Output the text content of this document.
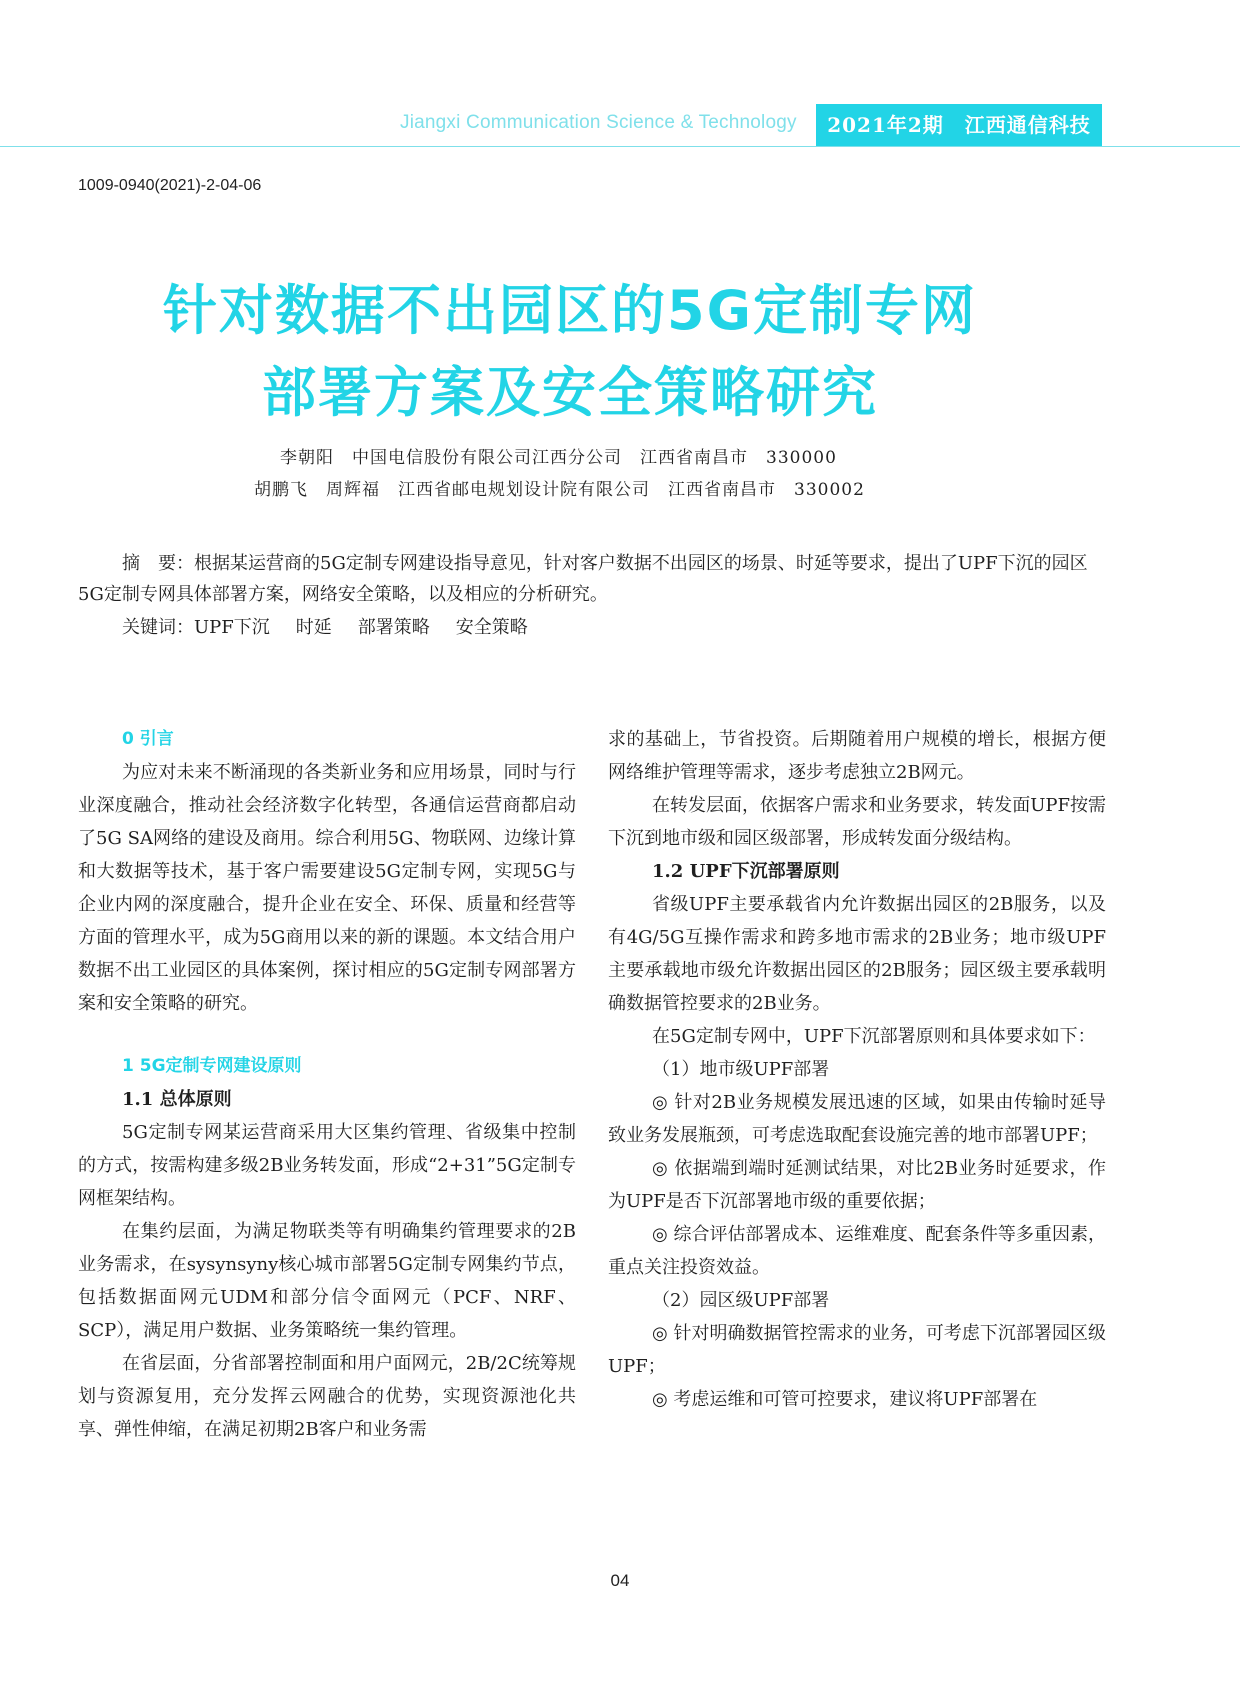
Jiangxi Communication Science & Technology	2021年2期　江西通信科技
1009-0940(2021)-2-04-06
针对数据不出园区的5G定制专网
部署方案及安全策略研究
李朝阳　中国电信股份有限公司江西分公司　江西省南昌市　330000
胡鹏飞　周辉福　江西省邮电规划设计院有限公司　江西省南昌市　330002

摘　要：根据某运营商的5G定制专网建设指导意见，针对客户数据不出园区的场景、时延等要求，提出了UPF下沉的园区5G定制专网具体部署方案，网络安全策略，以及相应的分析研究。

关键词：UPF下沉 时延 部署策略 安全策略
0 引言

为应对未来不断涌现的各类新业务和应用场景，同时与行业深度融合，推动社会经济数字化转型，各通信运营商都启动了5G SA网络的建设及商用。综合利用5G、物联网、边缘计算和大数据等技术，基于客户需要建设5G定制专网，实现5G与企业内网的深度融合，提升企业在安全、环保、质量和经营等方面的管理水平，成为5G商用以来的新的课题。本文结合用户数据不出工业园区的具体案例，探讨相应的5G定制专网部署方案和安全策略的研究。

1 5G定制专网建设原则
1.1 总体原则

5G定制专网某运营商采用大区集约管理、省级集中控制的方式，按需构建多级2B业务转发面，形成“2+31”5G定制专网框架结构。

在集约层面，为满足物联类等有明确集约管理要求的2B业务需求，在sysynsyny核心城市部署5G定制专网集约节点，包括数据面网元UDM和部分信令面网元（PCF、NRF、SCP），满足用户数据、业务策略统一集约管理。

在省层面，分省部署控制面和用户面网元，2B/2C统筹规划与资源复用，充分发挥云网融合的优势，实现资源池化共享、弹性伸缩，在满足初期2B客户和业务需

求的基础上，节省投资。后期随着用户规模的增长，根据方便网络维护管理等需求，逐步考虑独立2B网元。

在转发层面，依据客户需求和业务要求，转发面UPF按需下沉到地市级和园区级部署，形成转发面分级结构。

1.2 UPF下沉部署原则

省级UPF主要承载省内允许数据出园区的2B服务，以及有4G/5G互操作需求和跨多地市需求的2B业务；地市级UPF主要承载地市级允许数据出园区的2B服务；园区级主要承载明确数据管控要求的2B业务。

在5G定制专网中，UPF下沉部署原则和具体要求如下：

（1）地市级UPF部署

◎ 针对2B业务规模发展迅速的区域，如果由传输时延导致业务发展瓶颈，可考虑选取配套设施完善的地市部署UPF；

◎ 依据端到端时延测试结果，对比2B业务时延要求，作为UPF是否下沉部署地市级的重要依据；

◎ 综合评估部署成本、运维难度、配套条件等多重因素，重点关注投资效益。

（2）园区级UPF部署

◎ 针对明确数据管控需求的业务，可考虑下沉部署园区级UPF；

◎ 考虑运维和可管可控要求，建议将UPF部署在

04
